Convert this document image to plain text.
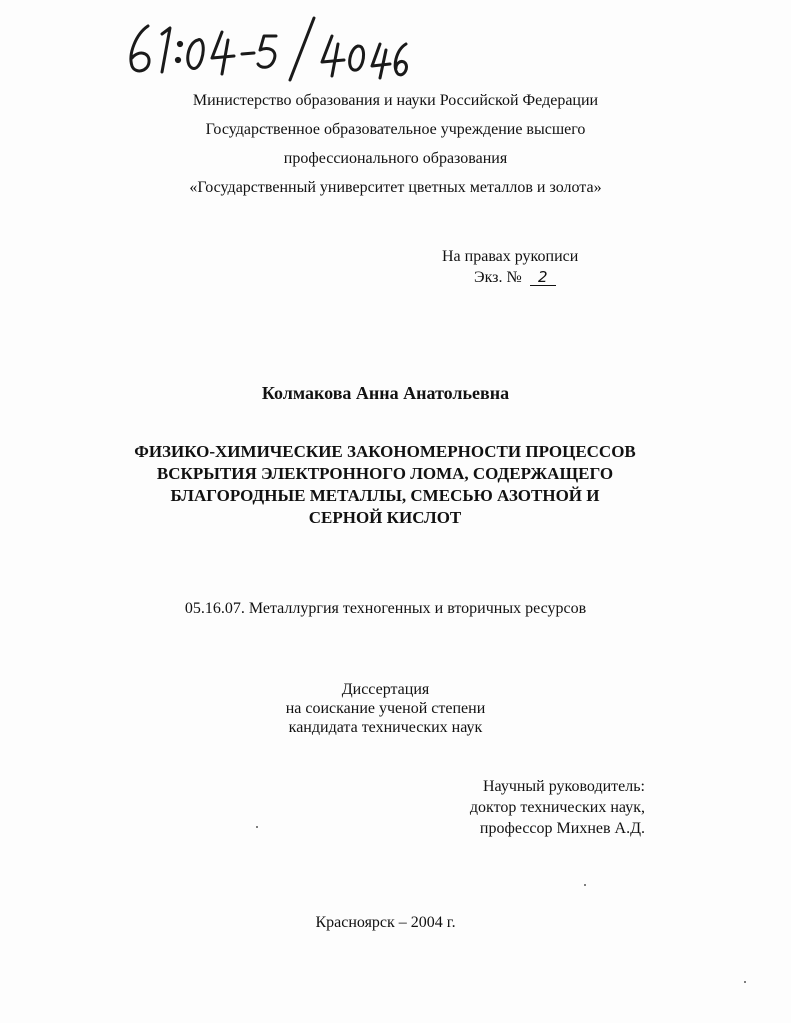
Министерство образования и науки Российской Федерации
Государственное образовательное учреждение высшего
профессионального образования
«Государственный университет цветных металлов и золота»
На правах рукописи
Экз. № 2
Колмакова Анна Анатольевна
ФИЗИКО-ХИМИЧЕСКИЕ ЗАКОНОМЕРНОСТИ ПРОЦЕССОВ
ВСКРЫТИЯ ЭЛЕКТРОННОГО ЛОМА, СОДЕРЖАЩЕГО
БЛАГОРОДНЫЕ МЕТАЛЛЫ, СМЕСЬЮ АЗОТНОЙ И
СЕРНОЙ КИСЛОТ
05.16.07. Металлургия техногенных и вторичных ресурсов
Диссертация
на соискание ученой степени
кандидата технических наук
Научный руководитель:
доктор технических наук,
профессор Михнев А.Д.
Красноярск – 2004 г.
